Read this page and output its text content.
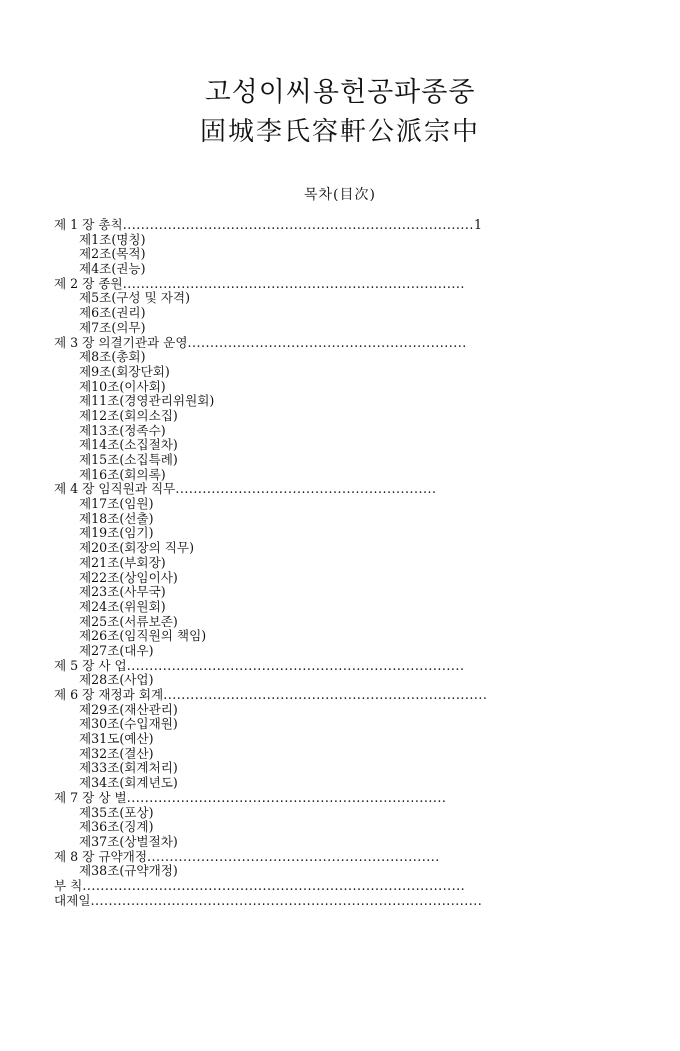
고성이씨용헌공파종중
固城李氏容軒公派宗中
목차(目次)
제 1 장 총칙 .............................................................................. 1
제1조(명칭)
제2조(목적)
제4조(권능)
제 2 장 종원 ............................................................................
제5조(구성 및 자격)
제6조(권리)
제7조(의무)
제 3 장 의결기관과 운영 ..............................................................
제8조(총회)
제9조(회장단회)
제10조(이사회)
제11조(경영관리위원회)
제12조(회의소집)
제13조(정족수)
제14조(소집절차)
제15조(소집특례)
제16조(회의록)
제 4 장 임직원과 직무 ..........................................................
제17조(임원)
제18조(선출)
제19조(임기)
제20조(회장의 직무)
제21조(부회장)
제22조(상임이사)
제23조(사무국)
제24조(위원회)
제25조(서류보존)
제26조(임직원의 책임)
제27조(대우)
제 5 장 사 업 ...........................................................................
제28조(사업)
제 6 장 재정과 회계 ........................................................................
제29조(재산관리)
제30조(수입재원)
제31도(예산)
제32조(결산)
제33조(회계처리)
제34조(회계년도)
제 7 장 상 벌 .......................................................................
제35조(포상)
제36조(징계)
제37조(상벌절차)
제 8 장 규약개정 .................................................................
제38조(규약개정)
부 칙 .....................................................................................
대제일 .......................................................................................
